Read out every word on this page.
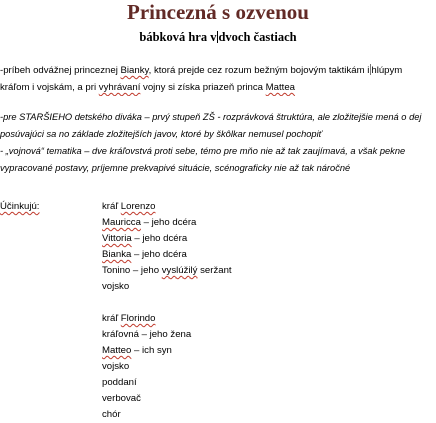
Princezná s ozvenou
bábková hra v dvoch častiach
-príbeh odvážnej princeznej Bianky, ktorá prejde cez rozum bežným bojovým taktikám i hlúpym
kráľom i vojskám, a pri vyhrávaní vojny si získa priazeň princa Mattea
-pre STARŠIEHO detského diváka – prvý stupeň ZŠ - rozprávková štruktúra, ale zložitejšie mená o dej
posúvajúci sa no základe zložitejších javov, ktoré by škôlkar nemusel pochopiť
- „vojnová“ tematika – dve kráľovstvá proti sebe, témo pre mňo nie až tak zaujímavá, a však pekne
vypracované postavy, príjemne prekvapivé situácie, scénograficky nie až tak náročné
Účinkujú:	kráľ Lorenzo
Mauricca – jeho dcéra
Vittoria – jeho dcéra
Bianka – jeho dcéra
Tonino – jeho vyslúžilý seržant
vojsko
kráľ Florindo
kráľovná – jeho žena
Matteo – ich syn
vojsko
poddaní
verbovač
chór
